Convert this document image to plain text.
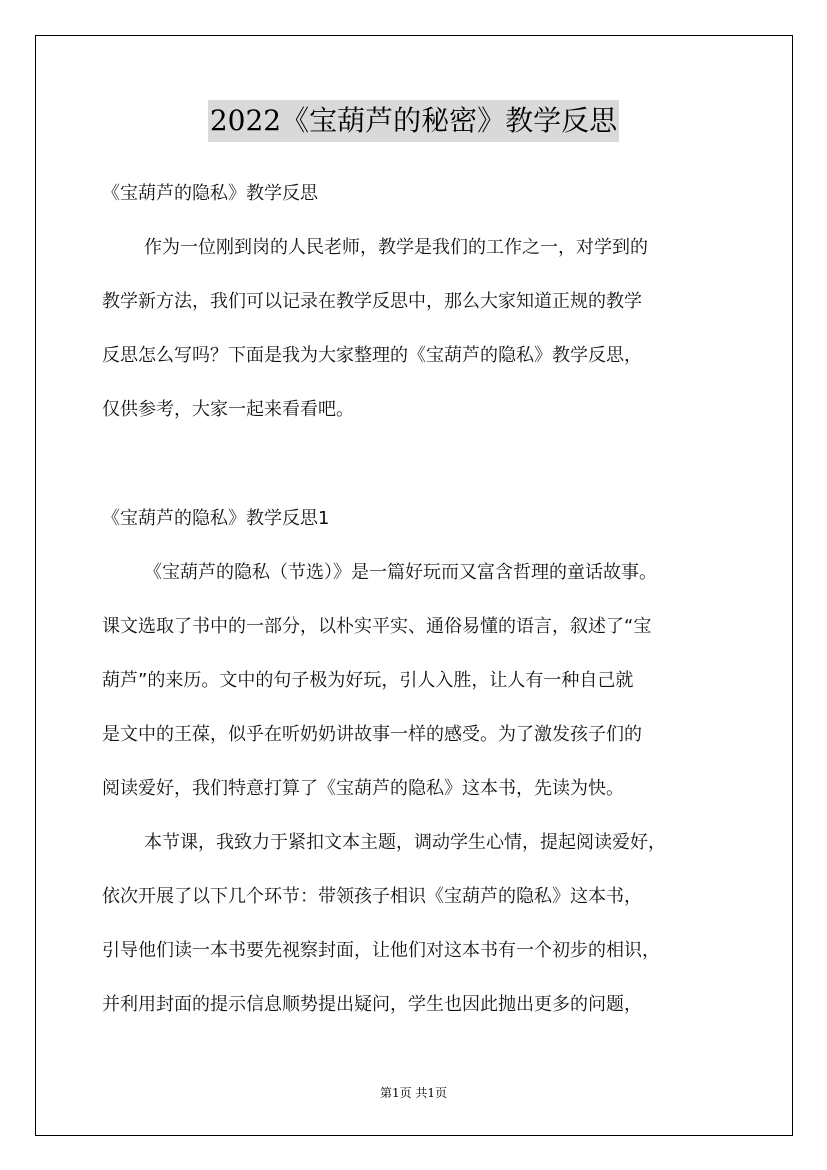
2022《宝葫芦的秘密》教学反思
《宝葫芦的隐私》教学反思
作为一位刚到岗的人民老师，教学是我们的工作之一，对学到的
教学新方法，我们可以记录在教学反思中，那么大家知道正规的教学
反思怎么写吗？下面是我为大家整理的《宝葫芦的隐私》教学反思，
仅供参考，大家一起来看看吧。
《宝葫芦的隐私》教学反思1
《宝葫芦的隐私（节选）》是一篇好玩而又富含哲理的童话故事。
课文选取了书中的一部分，以朴实平实、通俗易懂的语言，叙述了“宝
葫芦”的来历。文中的句子极为好玩，引人入胜，让人有一种自己就
是文中的王葆，似乎在听奶奶讲故事一样的感受。为了激发孩子们的
阅读爱好，我们特意打算了《宝葫芦的隐私》这本书，先读为快。
本节课，我致力于紧扣文本主题，调动学生心情，提起阅读爱好，
依次开展了以下几个环节：带领孩子相识《宝葫芦的隐私》这本书，
引导他们读一本书要先视察封面，让他们对这本书有一个初步的相识，
并利用封面的提示信息顺势提出疑问，学生也因此抛出更多的问题，
第1页 共1页
